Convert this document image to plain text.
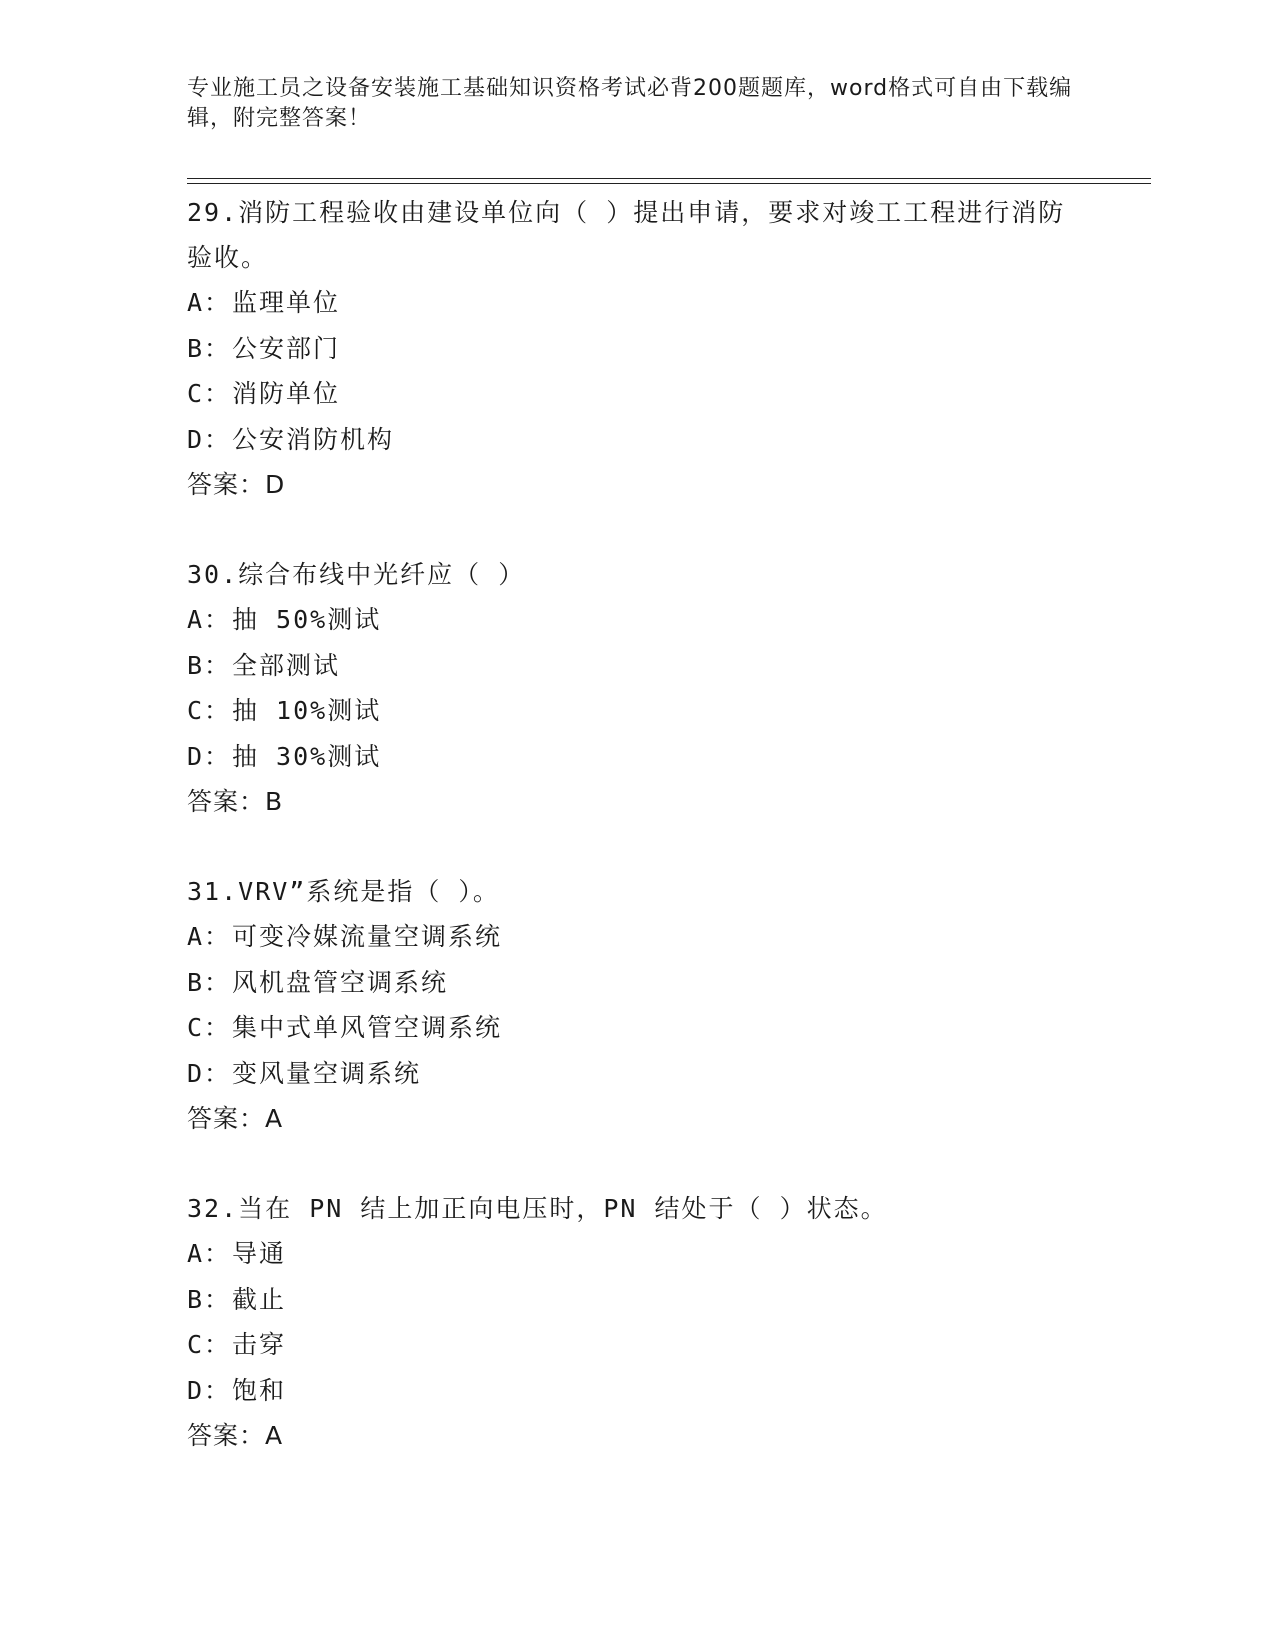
专业施工员之设备安装施工基础知识资格考试必背200题题库，word格式可自由下载编辑，附完整答案！

29.消防工程验收由建设单位向（ ）提出申请，要求对竣工工程进行消防验收。

A：监理单位

B：公安部门

C：消防单位

D：公安消防机构

答案：D

30.综合布线中光纤应（ ）

A：抽 50%测试

B：全部测试

C：抽 10%测试

D：抽 30%测试

答案：B

31.VRV”系统是指（ ）。

A：可变冷媒流量空调系统

B：风机盘管空调系统

C：集中式单风管空调系统

D：变风量空调系统

答案：A

32.当在 PN 结上加正向电压时，PN 结处于（ ）状态。

A：导通

B：截止

C：击穿

D：饱和

答案：A
